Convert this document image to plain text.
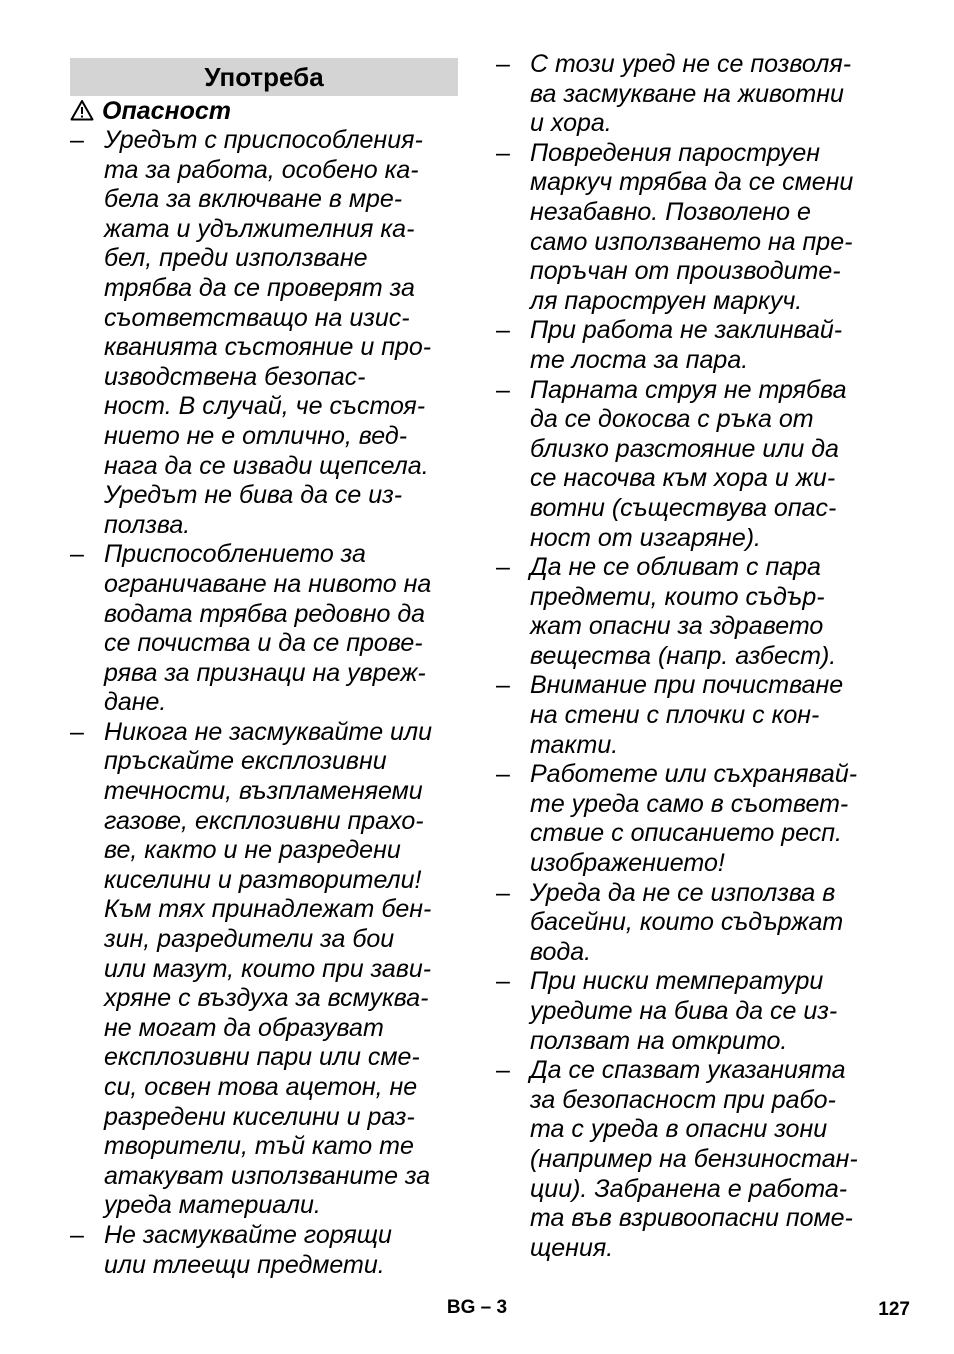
Употреба
Опасност
– Уредът с приспособления-
та за работа, особено ка-
бела за включване в мре-
жата и удължителния ка-
бел, преди използване
трябва да се проверят за
съответстващо на изис-
кванията състояние и про-
изводствена безопас-
ност. В случай, че състоя-
нието не е отлично, вед-
нага да се извади щепсела.
Уредът не бива да се из-
ползва.
– Приспособлението за
ограничаване на нивото на
водата трябва редовно да
се почиства и да се прове-
рява за признаци на увреж-
дане.
– Никога не засмуквайте или
пръскайте експлозивни
течности, възпламеняеми
газове, експлозивни прахо-
ве, както и не разредени
киселини и разтворители!
Към тях принадлежат бен-
зин, разредители за бои
или мазут, които при зави-
хряне с въздуха за всмуква-
не могат да образуват
експлозивни пари или сме-
си, освен това ацетон, не
разредени киселини и раз-
творители, тъй като те
атакуват използваните за
уреда материали.
– Не засмуквайте горящи
или тлеещи предмети.
– С този уред не се позволя-
ва засмукване на животни
и хора.
– Повредения пароструен
маркуч трябва да се смени
незабавно. Позволено е
само използването на пре-
поръчан от производите-
ля пароструен маркуч.
– При работа не заклинвай-
те лоста за пара.
– Парната струя не трябва
да се докосва с ръка от
близко разстояние или да
се насочва към хора и жи-
вотни (съществува опас-
ност от изгаряне).
– Да не се обливат с пара
предмети, които съдър-
жат опасни за здравето
вещества (напр. азбест).
– Внимание при почистване
на стени с плочки с кон-
такти.
– Работете или съхранявай-
те уреда само в съответ-
ствие с описанието респ.
изображението!
– Уреда да не се използва в
басейни, които съдържат
вода.
– При ниски температури
уредите на бива да се из-
ползват на открито.
– Да се спазват указанията
за безопасност при рабо-
та с уреда в опасни зони
(например на бензиностан-
ции). Забранена е работа-
та във взривоопасни поме-
щения.
BG – 3	127
